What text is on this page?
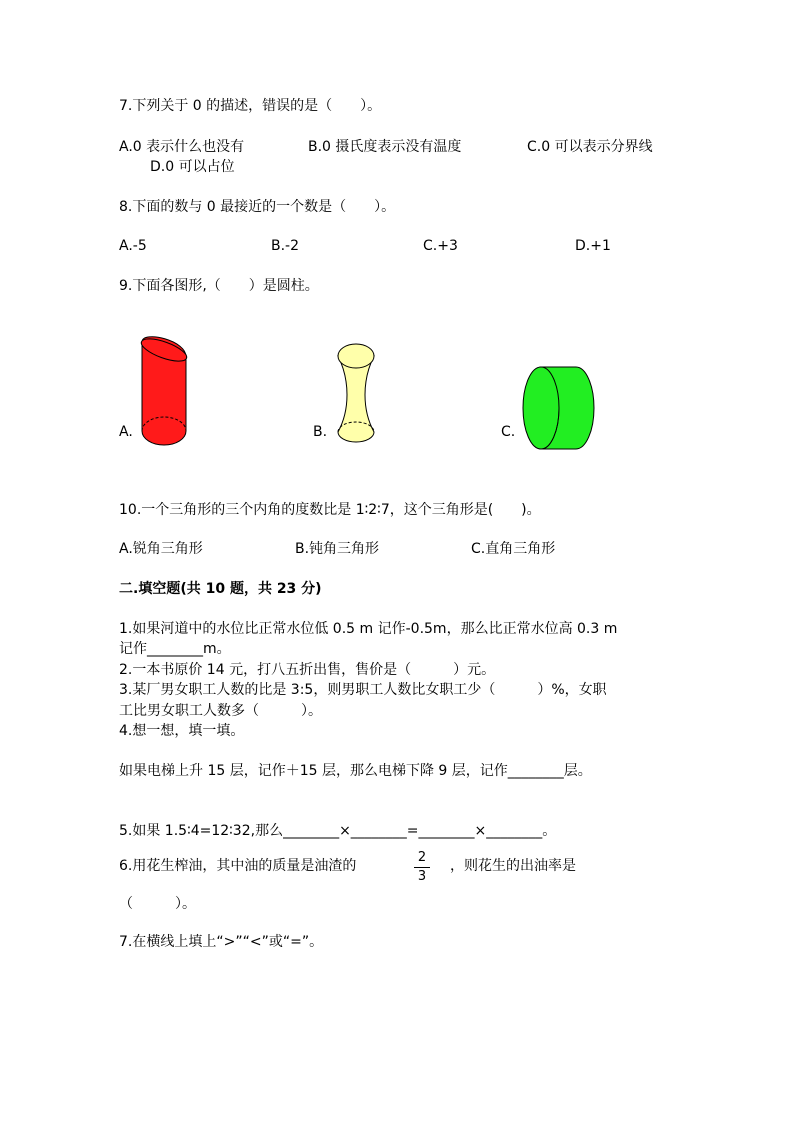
7.下列关于 0 的描述，错误的是（　　）。
A.0 表示什么也没有	B.0 摄氏度表示没有温度	C.0 可以表示分界线
D.0 可以占位
8.下面的数与 0 最接近的一个数是（　　）。
A.-5	B.-2	C.+3	D.+1
9.下面各图形,（　　）是圆柱。
A.	B.	C.
10.一个三角形的三个内角的度数比是 1∶2∶7，这个三角形是(　　)。
A.锐角三角形	B.钝角三角形	C.直角三角形
二.填空题(共 10 题，共 23 分)
1.如果河道中的水位比正常水位低 0.5 m 记作-0.5m，那么比正常水位高 0.3 m
记作________m。
2.一本书原价 14 元，打八五折出售，售价是（　　　）元。
3.某厂男女职工人数的比是 3:5，则男职工人数比女职工少（　　　）%，女职
工比男女职工人数多（　　　）。
4.想一想，填一填。
如果电梯上升 15 层，记作＋15 层，那么电梯下降 9 层，记作________层。
5.如果 1.5∶4=12∶32,那么________×________=________×________。
6.用花生榨油，其中油的质量是油渣的
2
3
，则花生的出油率是
（　　　）。
7.在横线上填上“>”“<”或“=”。
